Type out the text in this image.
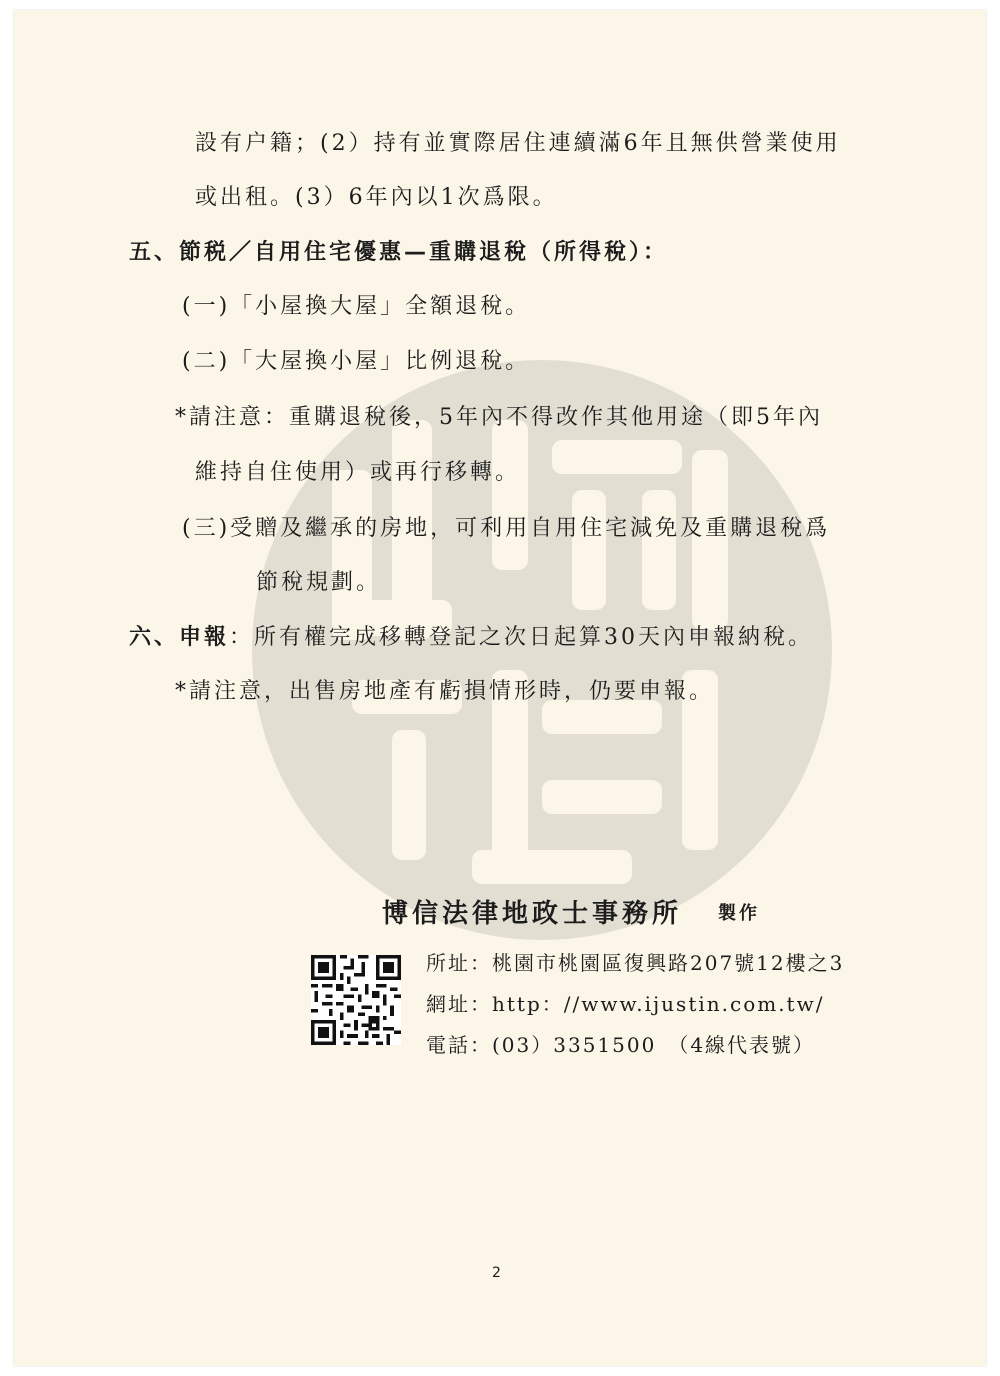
設有户籍；(2）持有並實際居住連續滿6年且無供營業使用
或出租。(3）6年內以1次爲限。
五、節税／自用住宅優惠—重購退稅（所得稅）：
(一)「小屋換大屋」全額退稅。
(二)「大屋換小屋」比例退稅。
*請注意：重購退稅後，5年內不得改作其他用途（即5年內
維持自住使用）或再行移轉。
(三)受贈及繼承的房地，可利用自用住宅減免及重購退稅爲
節稅規劃。
六、申報：所有權完成移轉登記之次日起算30天內申報納稅。
*請注意，出售房地產有虧損情形時，仍要申報。
博信法律地政士事務所 製作
所址：桃園市桃園區復興路207號12樓之3
網址：http：//www.ijustin.com.tw/
電話：(03）3351500　（4線代表號）
2
